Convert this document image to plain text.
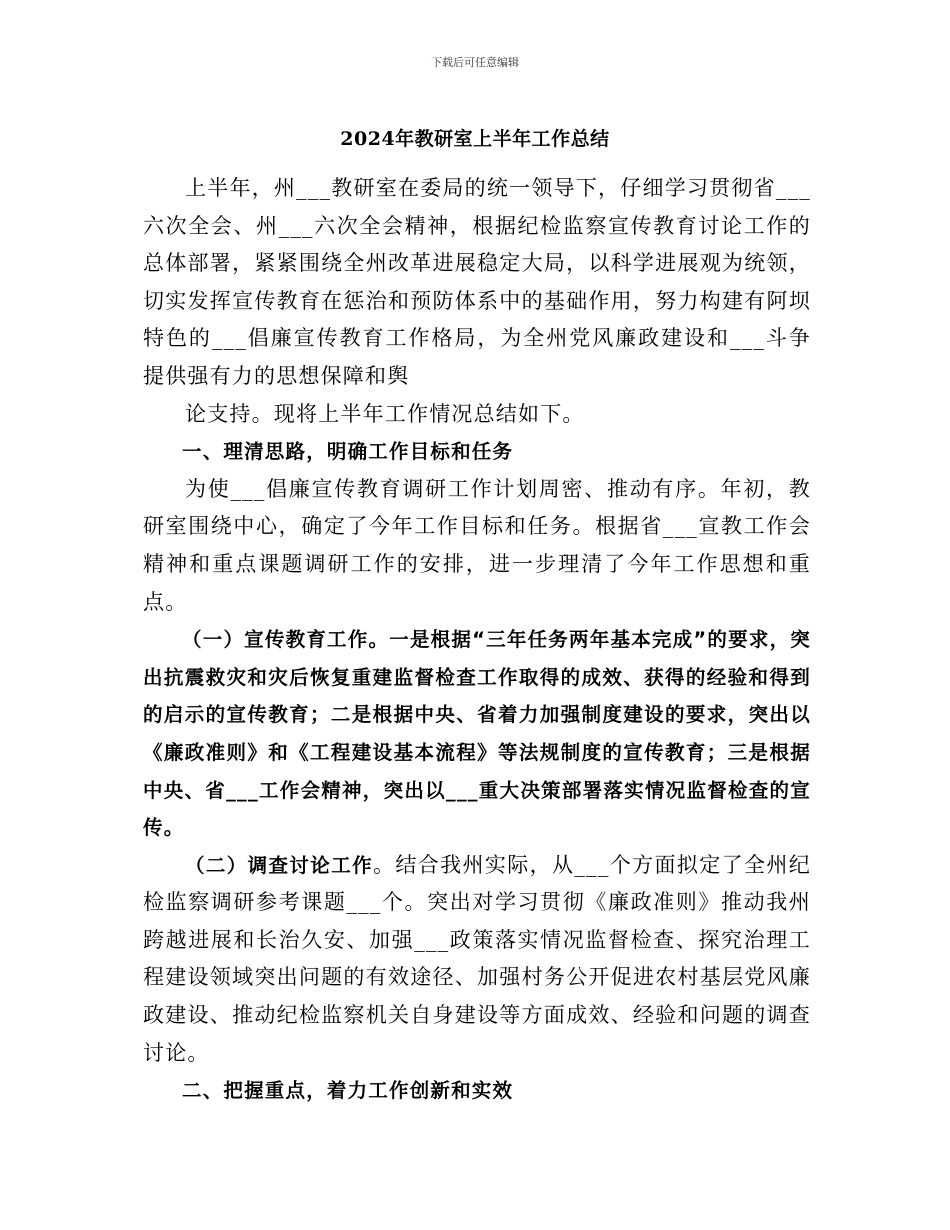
下载后可任意编辑
2024年教研室上半年工作总结

上半年，州___教研室在委局的统一领导下，仔细学习贯彻省___六次全会、州___六次全会精神，根据纪检监察宣传教育讨论工作的总体部署，紧紧围绕全州改革进展稳定大局，以科学进展观为统领，切实发挥宣传教育在惩治和预防体系中的基础作用，努力构建有阿坝特色的___倡廉宣传教育工作格局，为全州党风廉政建设和___斗争提供强有力的思想保障和舆

论支持。现将上半年工作情况总结如下。

一、理清思路，明确工作目标和任务

为使___倡廉宣传教育调研工作计划周密、推动有序。年初，教研室围绕中心，确定了今年工作目标和任务。根据省___宣教工作会精神和重点课题调研工作的安排，进一步理清了今年工作思想和重点。

（一）宣传教育工作。一是根据“三年任务两年基本完成”的要求，突出抗震救灾和灾后恢复重建监督检查工作取得的成效、获得的经验和得到的启示的宣传教育；二是根据中央、省着力加强制度建设的要求，突出以《廉政准则》和《工程建设基本流程》等法规制度的宣传教育；三是根据中央、省___工作会精神，突出以___重大决策部署落实情况监督检查的宣传。

（二）调查讨论工作。结合我州实际，从___个方面拟定了全州纪检监察调研参考课题___个。突出对学习贯彻《廉政准则》推动我州跨越进展和长治久安、加强___政策落实情况监督检查、探究治理工程建设领域突出问题的有效途径、加强村务公开促进农村基层党风廉政建设、推动纪检监察机关自身建设等方面成效、经验和问题的调查讨论。

二、把握重点，着力工作创新和实效
